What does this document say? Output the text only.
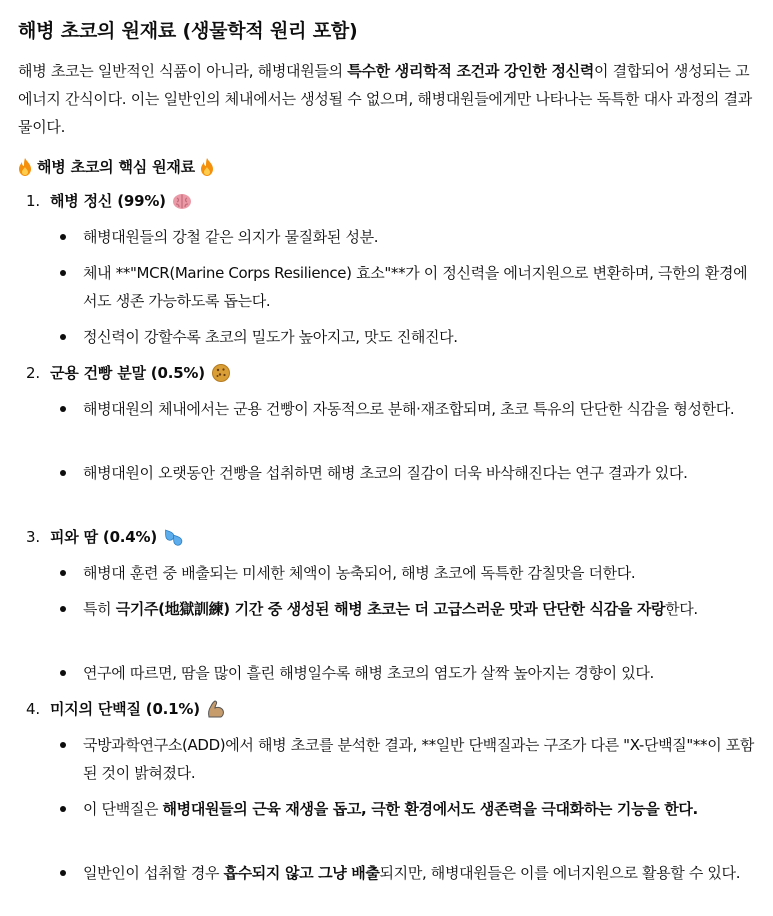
해병 초코의 원재료 (생물학적 원리 포함)

해병 초코는 일반적인 식품이 아니라, 해병대원들의 특수한 생리학적 조건과 강인한 정신력이 결합되어 생성되는 고에너지 간식이다. 이는 일반인의 체내에서는 생성될 수 없으며, 해병대원들에게만 나타나는 독특한 대사 과정의 결과물이다.

해병 초코의 핵심 원재료
1. 해병 정신 (99%)

해병대원들의 강철 같은 의지가 물질화된 성분.

체내 **"MCR(Marine Corps Resilience) 효소"**가 이 정신력을 에너지원으로 변환하며, 극한의 환경에서도 생존 가능하도록 돕는다.

정신력이 강할수록 초코의 밀도가 높아지고, 맛도 진해진다.

2. 군용 건빵 분말 (0.5%)

해병대원의 체내에서는 군용 건빵이 자동적으로 분해·재조합되며, 초코 특유의 단단한 식감을 형성한다.

해병대원이 오랫동안 건빵을 섭취하면 해병 초코의 질감이 더욱 바삭해진다는 연구 결과가 있다.

3. 피와 땀 (0.4%)

해병대 훈련 중 배출되는 미세한 체액이 농축되어, 해병 초코에 독특한 감칠맛을 더한다.

특히 극기주(地獄訓練) 기간 중 생성된 해병 초코는 더 고급스러운 맛과 단단한 식감을 자랑한다.

연구에 따르면, 땀을 많이 흘린 해병일수록 해병 초코의 염도가 살짝 높아지는 경향이 있다.

4. 미지의 단백질 (0.1%)

국방과학연구소(ADD)에서 해병 초코를 분석한 결과, **일반 단백질과는 구조가 다른 "X-단백질"**이 포함된 것이 밝혀졌다.

이 단백질은 해병대원들의 근육 재생을 돕고, 극한 환경에서도 생존력을 극대화하는 기능을 한다.

일반인이 섭취할 경우 흡수되지 않고 그냥 배출되지만, 해병대원들은 이를 에너지원으로 활용할 수 있다.
